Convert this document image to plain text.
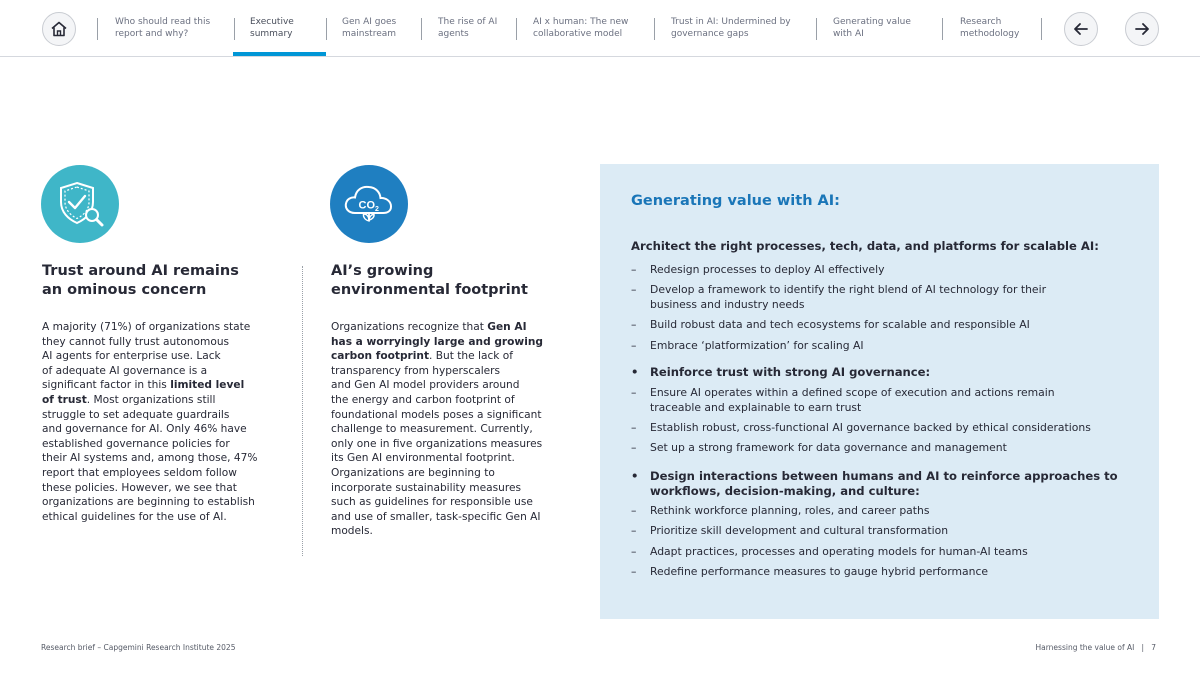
Who should read this
report and why?
Executive
summary
Gen AI goes
mainstream
The rise of AI
agents
AI x human: The new
collaborative model
Trust in AI: Undermined by
governance gaps
Generating value
with AI
Research
methodology
Trust around AI remains
an ominous concern
A majority (71%) of organizations state
they cannot fully trust autonomous
AI agents for enterprise use. Lack
of adequate AI governance is a
significant factor in this limited level
of trust. Most organizations still
struggle to set adequate guardrails
and governance for AI. Only 46% have
established governance policies for
their AI systems and, among those, 47%
report that employees seldom follow
these policies. However, we see that
organizations are beginning to establish
ethical guidelines for the use of AI.
$CO_2$
AI’s growing
environmental footprint
Organizations recognize that Gen AI
has a worryingly large and growing
carbon footprint. But the lack of
transparency from hyperscalers
and Gen AI model providers around
the energy and carbon footprint of
foundational models poses a significant
challenge to measurement. Currently,
only one in five organizations measures
its Gen AI environmental footprint.
Organizations are beginning to
incorporate sustainability measures
such as guidelines for responsible use
and use of smaller, task-specific Gen AI
models.
Generating value with AI:
Architect the right processes, tech, data, and platforms for scalable AI:
– Redesign processes to deploy AI effectively
– Develop a framework to identify the right blend of AI technology for their
business and industry needs
– Build robust data and tech ecosystems for scalable and responsible AI
– Embrace ‘platformization’ for scaling AI
• Reinforce trust with strong AI governance:
– Ensure AI operates within a defined scope of execution and actions remain
traceable and explainable to earn trust
– Establish robust, cross-functional AI governance backed by ethical considerations
– Set up a strong framework for data governance and management
• Design interactions between humans and AI to reinforce approaches to
workflows, decision-making, and culture:
– Rethink workforce planning, roles, and career paths
– Prioritize skill development and cultural transformation
– Adapt practices, processes and operating models for human-AI teams
– Redefine performance measures to gauge hybrid performance
Research brief – Capgemini Research Institute 2025	Harnessing the value of AI   |   7
